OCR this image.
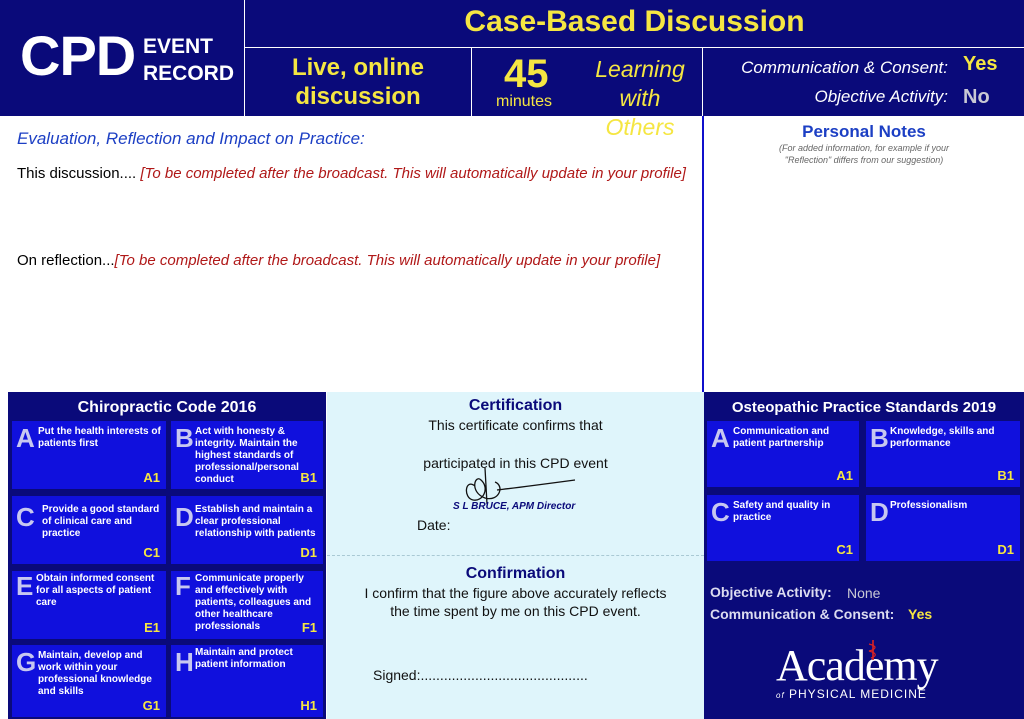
CPD EVENT
RECORD
Case-Based Discussion
Live, online
discussion
45
minutes
Learning
with Others
Communication & Consent: Yes
Objective Activity: No
Evaluation, Reflection and Impact on Practice:
This discussion.... [To be completed after the broadcast. This will automatically update in your profile]
On reflection...[To be completed after the broadcast. This will automatically update in your profile]
Personal Notes
(For added information, for example if your "Reflection" differs from our suggestion)
Chiropractic Code 2016
A Put the health interests of patients first
A1
B Act with honesty & integrity. Maintain the highest standards of professional/personal conduct	B1
C Provide a good standard of clinical care and practice
C1
D Establish and maintain a clear professional relationship with patients
D1
E Obtain informed consent for all aspects of patient care
E1
F Communicate properly and effectively with patients, colleagues and other healthcare professionals	F1
G Maintain, develop and work within your professional knowledge and skills
G1
H Maintain and protect patient information
H1
Certification
This certificate confirms that
participated in this CPD event
S L BRUCE, APM Director
Date:
Confirmation
I confirm that the figure above accurately reflects
the time spent by me on this CPD event.
Signed:...........................................
Osteopathic Practice Standards 2019
A Communication and patient partnership
A1
B Knowledge, skills and performance
B1
C Safety and quality in practice
C1
D Professionalism
D1
Objective Activity: None
Communication & Consent: Yes
Academy
of PHYSICAL MEDICINE
